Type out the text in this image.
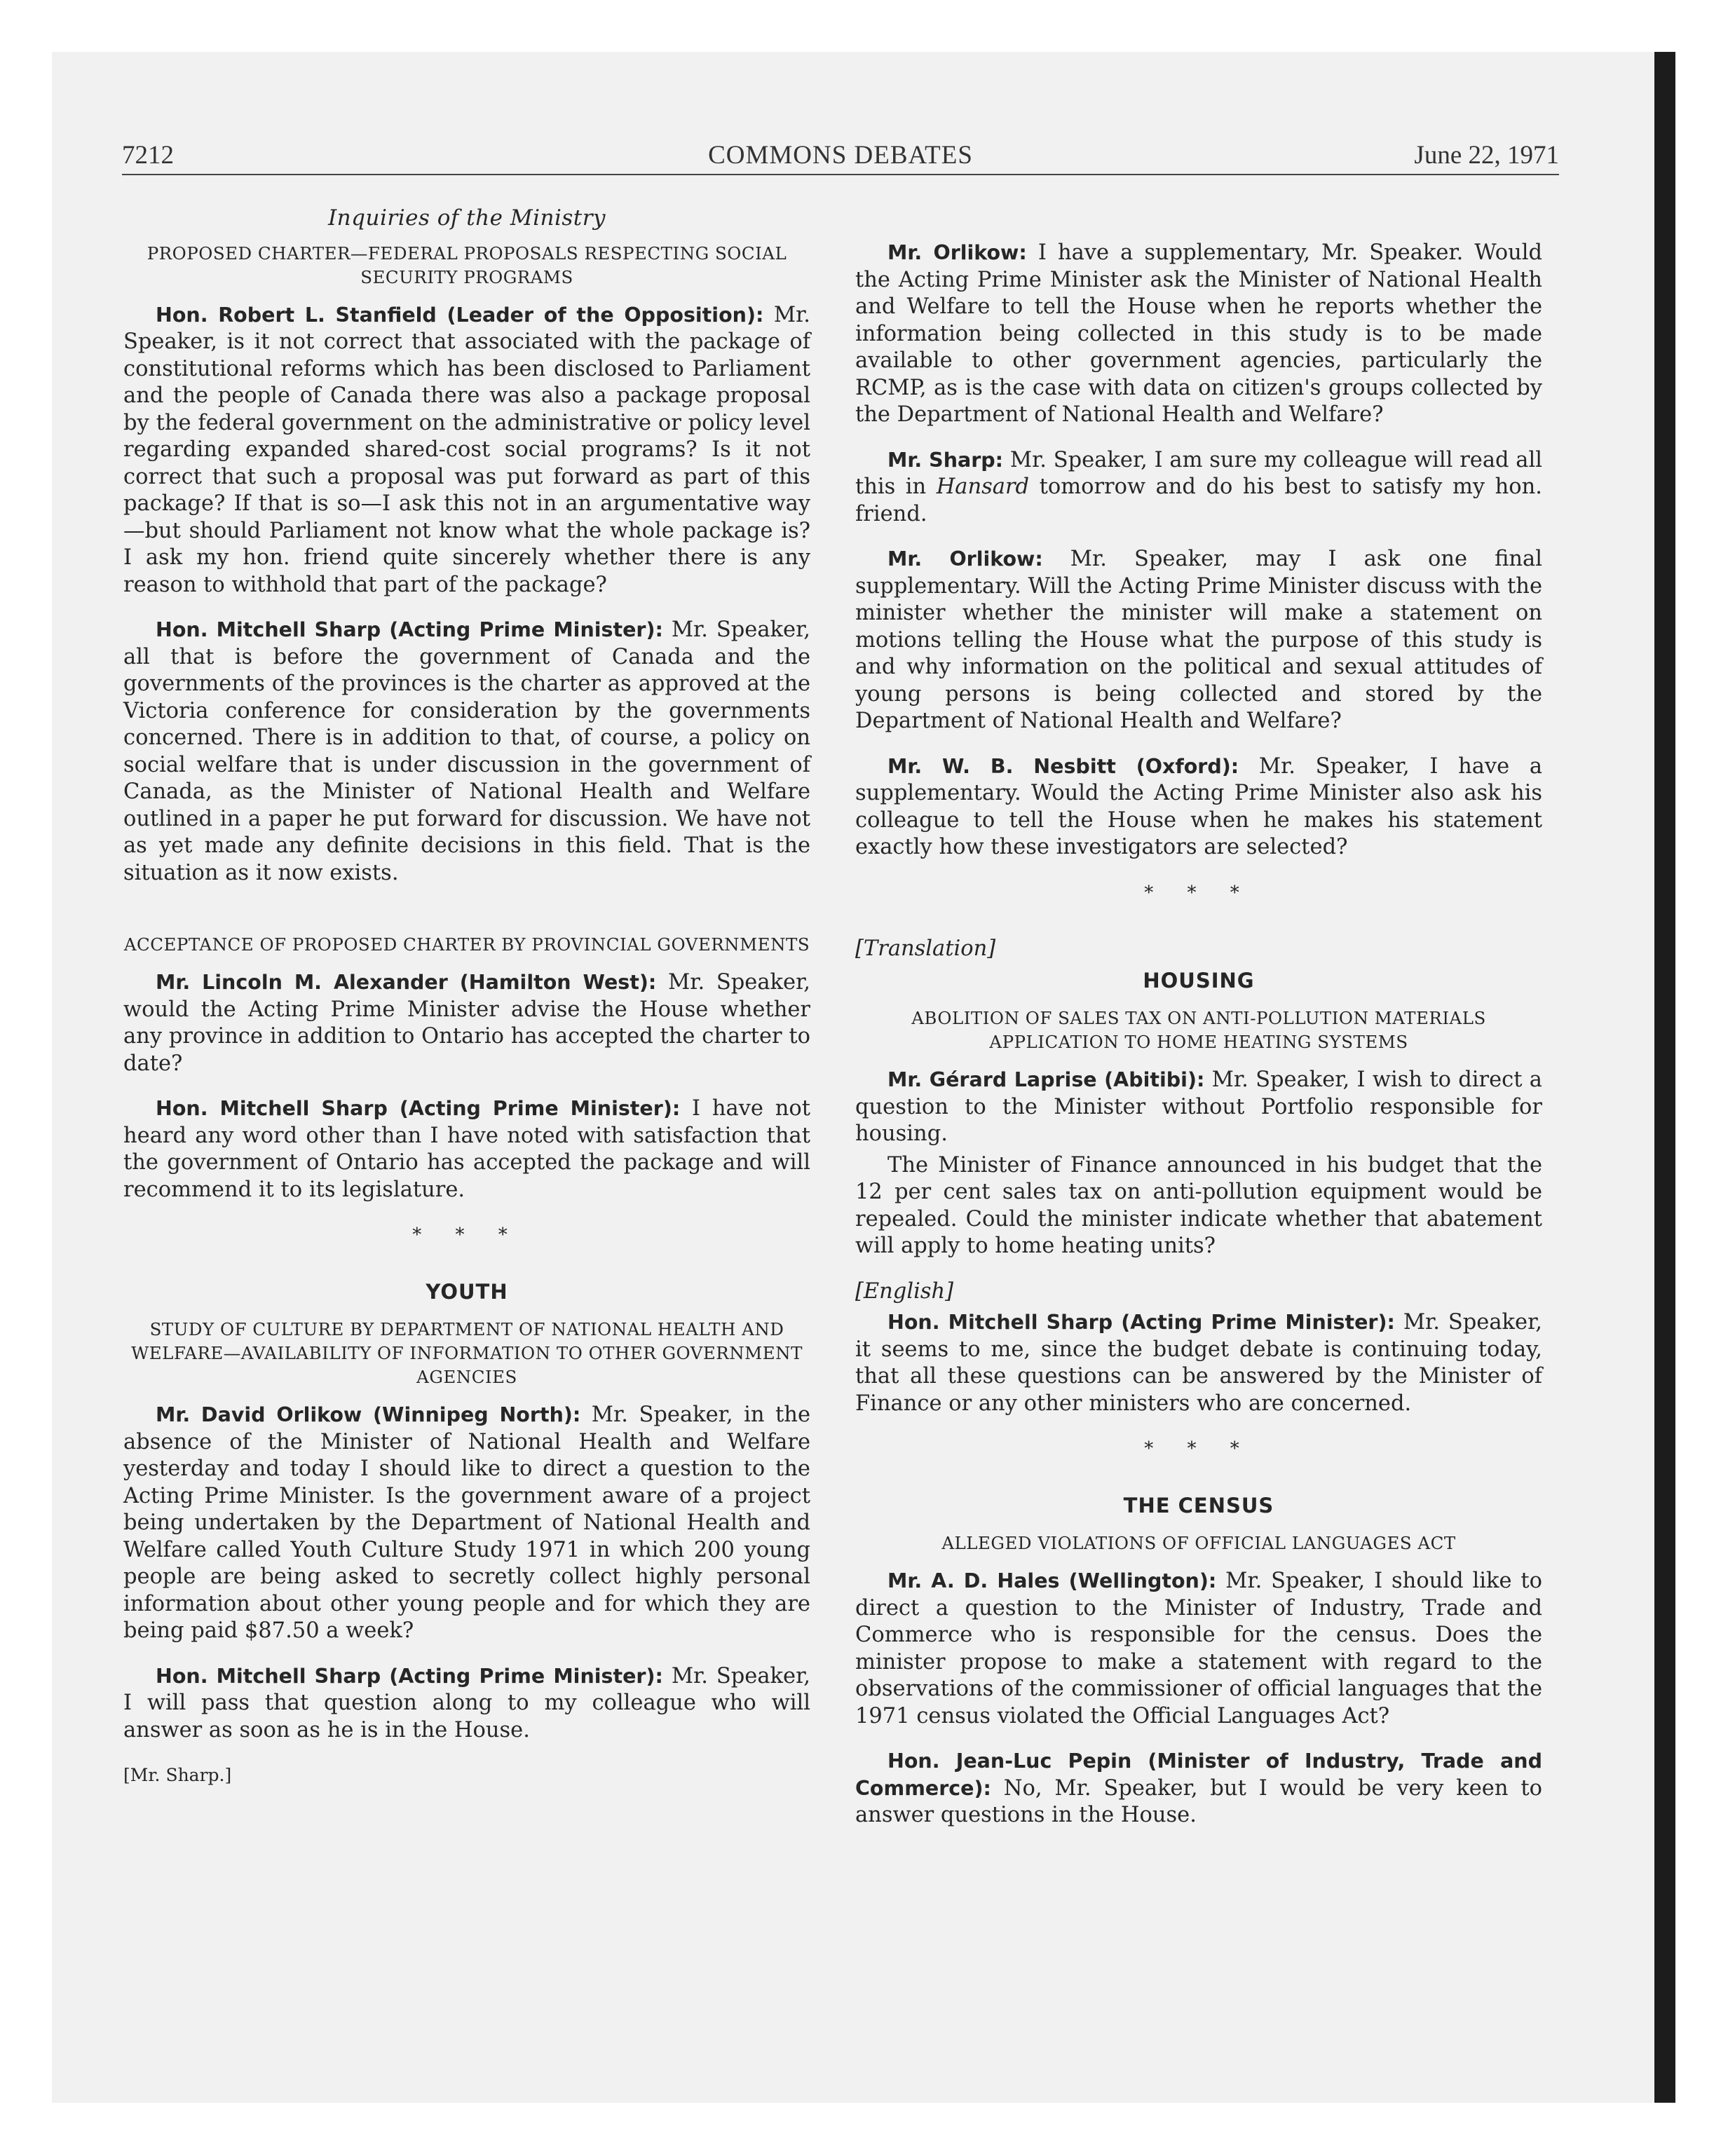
7212	COMMONS DEBATES	June 22, 1971
Inquiries of the Ministry
PROPOSED CHARTER—FEDERAL PROPOSALS RESPECTING SOCIAL SECURITY PROGRAMS

Hon. Robert L. Stanfield (Leader of the Opposition): Mr. Speaker, is it not correct that associated with the package of constitutional reforms which has been disclosed to Parliament and the people of Canada there was also a package proposal by the federal government on the administrative or policy level regarding expanded shared-cost social programs? Is it not correct that such a proposal was put forward as part of this package? If that is so—I ask this not in an argumentative way—but should Parliament not know what the whole package is? I ask my hon. friend quite sincerely whether there is any reason to withhold that part of the package?

Hon. Mitchell Sharp (Acting Prime Minister): Mr. Speaker, all that is before the government of Canada and the governments of the provinces is the charter as approved at the Victoria conference for consideration by the governments concerned. There is in addition to that, of course, a policy on social welfare that is under discussion in the government of Canada, as the Minister of National Health and Welfare outlined in a paper he put forward for discussion. We have not as yet made any definite decisions in this field. That is the situation as it now exists.

ACCEPTANCE OF PROPOSED CHARTER BY PROVINCIAL GOVERNMENTS

Mr. Lincoln M. Alexander (Hamilton West): Mr. Speaker, would the Acting Prime Minister advise the House whether any province in addition to Ontario has accepted the charter to date?

Hon. Mitchell Sharp (Acting Prime Minister): I have not heard any word other than I have noted with satisfaction that the government of Ontario has accepted the package and will recommend it to its legislature.

* * *
YOUTH
STUDY OF CULTURE BY DEPARTMENT OF NATIONAL HEALTH AND WELFARE—AVAILABILITY OF INFORMATION TO OTHER GOVERNMENT AGENCIES

Mr. David Orlikow (Winnipeg North): Mr. Speaker, in the absence of the Minister of National Health and Welfare yesterday and today I should like to direct a question to the Acting Prime Minister. Is the government aware of a project being undertaken by the Department of National Health and Welfare called Youth Culture Study 1971 in which 200 young people are being asked to secretly collect highly personal information about other young people and for which they are being paid $87.50 a week?

Hon. Mitchell Sharp (Acting Prime Minister): Mr. Speaker, I will pass that question along to my colleague who will answer as soon as he is in the House.

[Mr. Sharp.]

Mr. Orlikow: I have a supplementary, Mr. Speaker. Would the Acting Prime Minister ask the Minister of National Health and Welfare to tell the House when he reports whether the information being collected in this study is to be made available to other government agencies, particularly the RCMP, as is the case with data on citizen's groups collected by the Department of National Health and Welfare?

Mr. Sharp: Mr. Speaker, I am sure my colleague will read all this in Hansard tomorrow and do his best to satisfy my hon. friend.

Mr. Orlikow: Mr. Speaker, may I ask one final supplementary. Will the Acting Prime Minister discuss with the minister whether the minister will make a statement on motions telling the House what the purpose of this study is and why information on the political and sexual attitudes of young persons is being collected and stored by the Department of National Health and Welfare?

Mr. W. B. Nesbitt (Oxford): Mr. Speaker, I have a supplementary. Would the Acting Prime Minister also ask his colleague to tell the House when he makes his statement exactly how these investigators are selected?

* * *
[Translation]
HOUSING
ABOLITION OF SALES TAX ON ANTI-POLLUTION MATERIALS APPLICATION TO HOME HEATING SYSTEMS

Mr. Gérard Laprise (Abitibi): Mr. Speaker, I wish to direct a question to the Minister without Portfolio responsible for housing.

The Minister of Finance announced in his budget that the 12 per cent sales tax on anti-pollution equipment would be repealed. Could the minister indicate whether that abatement will apply to home heating units?

[English]

Hon. Mitchell Sharp (Acting Prime Minister): Mr. Speaker, it seems to me, since the budget debate is continuing today, that all these questions can be answered by the Minister of Finance or any other ministers who are concerned.

* * *
THE CENSUS
ALLEGED VIOLATIONS OF OFFICIAL LANGUAGES ACT

Mr. A. D. Hales (Wellington): Mr. Speaker, I should like to direct a question to the Minister of Industry, Trade and Commerce who is responsible for the census. Does the minister propose to make a statement with regard to the observations of the commissioner of official languages that the 1971 census violated the Official Languages Act?

Hon. Jean-Luc Pepin (Minister of Industry, Trade and Commerce): No, Mr. Speaker, but I would be very keen to answer questions in the House.
